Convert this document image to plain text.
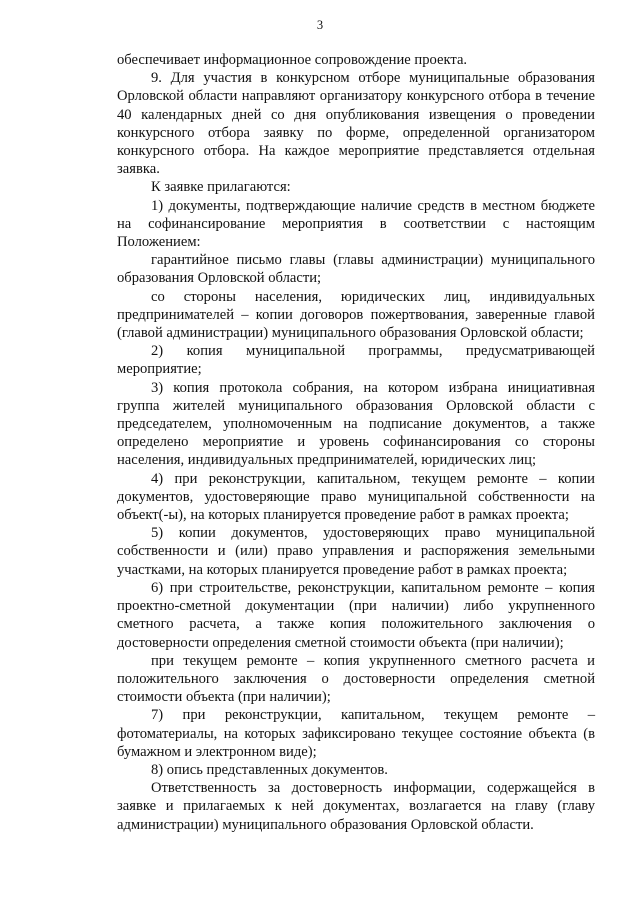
3

обеспечивает информационное сопровождение проекта.

9. Для участия в конкурсном отборе муниципальные образования Орловской области направляют организатору конкурсного отбора в течение 40 календарных дней со дня опубликования извещения о проведении конкурсного отбора заявку по форме, определенной организатором конкурсного отбора. На каждое мероприятие представляется отдельная заявка.

К заявке прилагаются:

1) документы, подтверждающие наличие средств в местном бюджете на софинансирование мероприятия в соответствии с настоящим Положением:

гарантийное письмо главы (главы администрации) муниципального образования Орловской области;

со стороны населения, юридических лиц, индивидуальных предпринимателей – копии договоров пожертвования, заверенные главой (главой администрации) муниципального образования Орловской области;

2) копия муниципальной программы, предусматривающей мероприятие;

3) копия протокола собрания, на котором избрана инициативная группа жителей муниципального образования Орловской области с председателем, уполномоченным на подписание документов, а также определено мероприятие и уровень софинансирования со стороны населения, индивидуальных предпринимателей, юридических лиц;

4) при реконструкции, капитальном, текущем ремонте – копии документов, удостоверяющие право муниципальной собственности на объект(-ы), на которых планируется проведение работ в рамках проекта;

5) копии документов, удостоверяющих право муниципальной собственности и (или) право управления и распоряжения земельными участками, на которых планируется проведение работ в рамках проекта;

6) при строительстве, реконструкции, капитальном ремонте – копия проектно-сметной документации (при наличии) либо укрупненного сметного расчета, а также копия положительного заключения о достоверности определения сметной стоимости объекта (при наличии);

при текущем ремонте – копия укрупненного сметного расчета и положительного заключения о достоверности определения сметной стоимости объекта (при наличии);

7) при реконструкции, капитальном, текущем ремонте – фотоматериалы, на которых зафиксировано текущее состояние объекта (в бумажном и электронном виде);

8) опись представленных документов.

Ответственность за достоверность информации, содержащейся в заявке и прилагаемых к ней документах, возлагается на главу (главу администрации) муниципального образования Орловской области.
